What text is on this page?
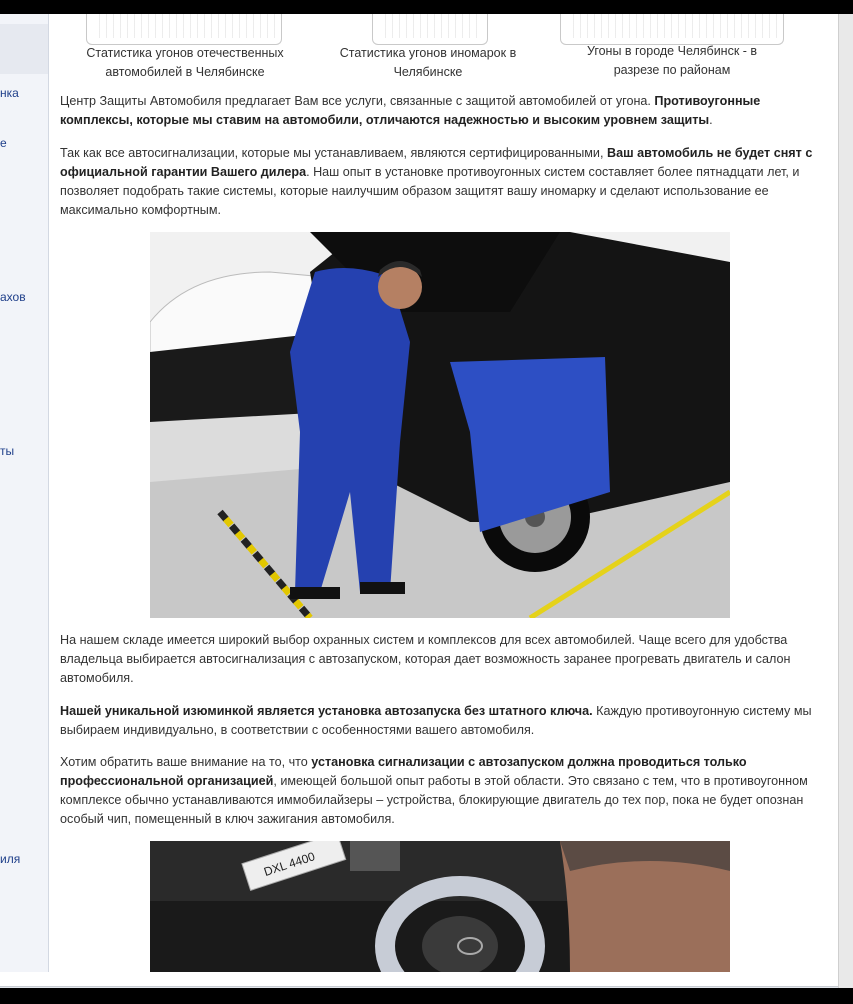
нка
е
ахов
ты
иля
Статистика угонов отечественных
автомобилей в Челябинске
Статистика угонов иномарок в
Челябинске
Угоны в городе Челябинск - в
разрезе по районам

Центр Защиты Автомобиля предлагает Вам все услуги, связанные с защитой автомобилей от угона. Противоугонные комплексы, которые мы ставим на автомобили, отличаются надежностью и высоким уровнем защиты.

Так как все автосигнализации, которые мы устанавливаем, являются сертифицированными, Ваш автомобиль не будет снят с официальной гарантии Вашего дилера. Наш опыт в установке противоугонных систем составляет более пятнадцати лет, и позволяет подобрать такие системы, которые наилучшим образом защитят вашу иномарку и сделают использование ее максимально комфортным.

На нашем складе имеется широкий выбор охранных систем и комплексов для всех автомобилей. Чаще всего для удобства владельца выбирается автосигнализация с автозапуском, которая дает возможность заранее прогревать двигатель и салон автомобиля.

Нашей уникальной изюминкой является установка автозапуска без штатного ключа. Каждую противоугонную систему мы выбираем индивидуально, в соответствии с особенностями вашего автомобиля.

Хотим обратить ваше внимание на то, что установка сигнализации с автозапуском должна проводиться только профессиональной организацией, имеющей большой опыт работы в этой области. Это связано с тем, что в противоугонном комплексе обычно устанавливаются иммобилайзеры – устройства, блокирующие двигатель до тех пор, пока не будет опознан особый чип, помещенный в ключ зажигания автомобиля.

DXL 4400
